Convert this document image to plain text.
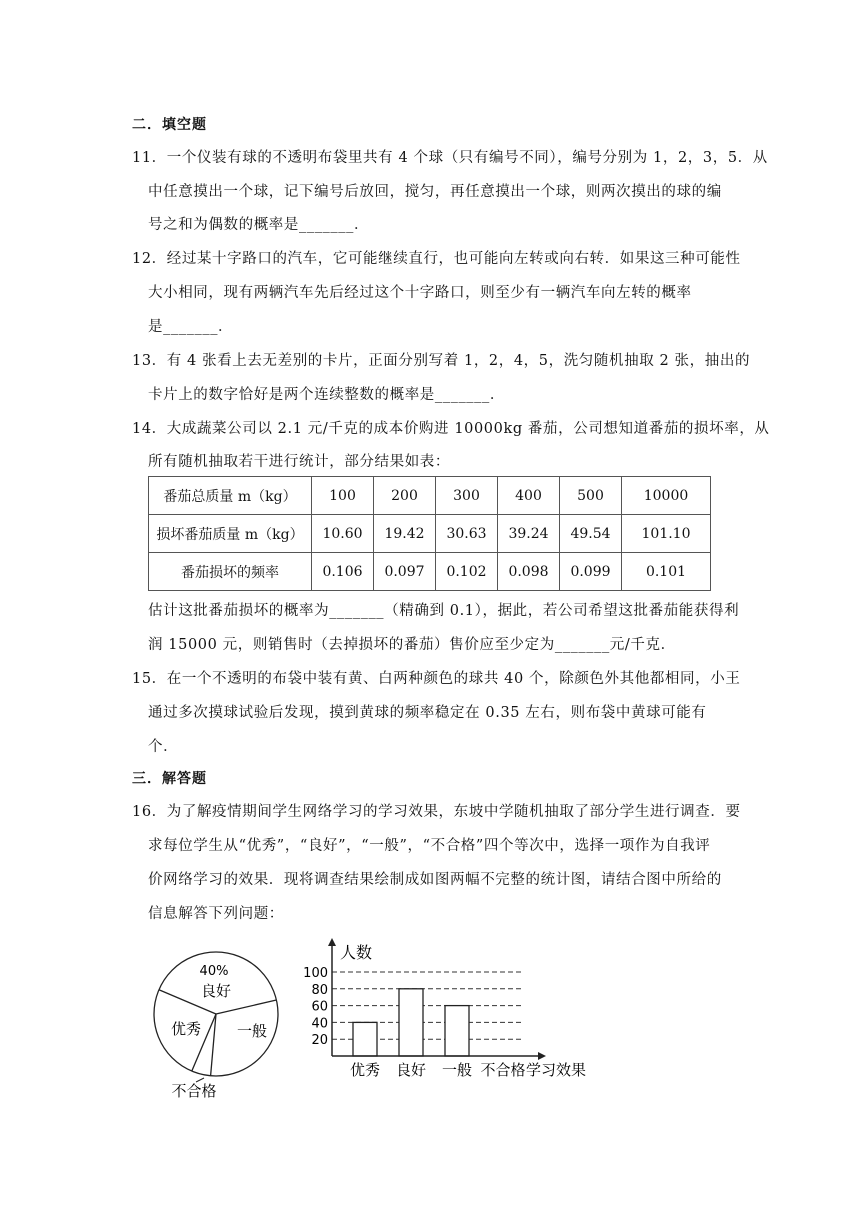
二．填空题
11．一个仪装有球的不透明布袋里共有 4 个球（只有编号不同），编号分别为 1，2，3，5．从
中任意摸出一个球，记下编号后放回，搅匀，再任意摸出一个球，则两次摸出的球的编
号之和为偶数的概率是_______．
12．经过某十字路口的汽车，它可能继续直行，也可能向左转或向右转．如果这三种可能性
大小相同，现有两辆汽车先后经过这个十字路口，则至少有一辆汽车向左转的概率
是_______．
13．有 4 张看上去无差别的卡片，正面分别写着 1，2，4，5，洗匀随机抽取 2 张，抽出的
卡片上的数字恰好是两个连续整数的概率是_______．
14．大成蔬菜公司以 2.1 元/千克的成本价购进 10000kg 番茄，公司想知道番茄的损坏率，从
所有随机抽取若干进行统计，部分结果如表：
番茄总质量 m（kg）	100	200	300	400	500	10000
损坏番茄质量 m（kg）	10.60	19.42	30.63	39.24	49.54	101.10
番茄损坏的频率	0.106	0.097	0.102	0.098	0.099	0.101
估计这批番茄损坏的概率为_______（精确到 0.1），据此，若公司希望这批番茄能获得利
润 15000 元，则销售时（去掉损坏的番茄）售价应至少定为_______元/千克．
15．在一个不透明的布袋中装有黄、白两种颜色的球共 40 个，除颜色外其他都相同，小王
通过多次摸球试验后发现，摸到黄球的频率稳定在 0.35 左右，则布袋中黄球可能有
个．
三．解答题
16．为了解疫情期间学生网络学习的学习效果，东坡中学随机抽取了部分学生进行调查．要
求每位学生从“优秀”，“良好”，“一般”，“不合格”四个等次中，选择一项作为自我评
价网络学习的效果．现将调查结果绘制成如图两幅不完整的统计图，请结合图中所给的
信息解答下列问题：
40%
良好
一般
优秀
不合格
20
40
60
80
100
优秀 良好 一般 不合格
人数
学习效果
